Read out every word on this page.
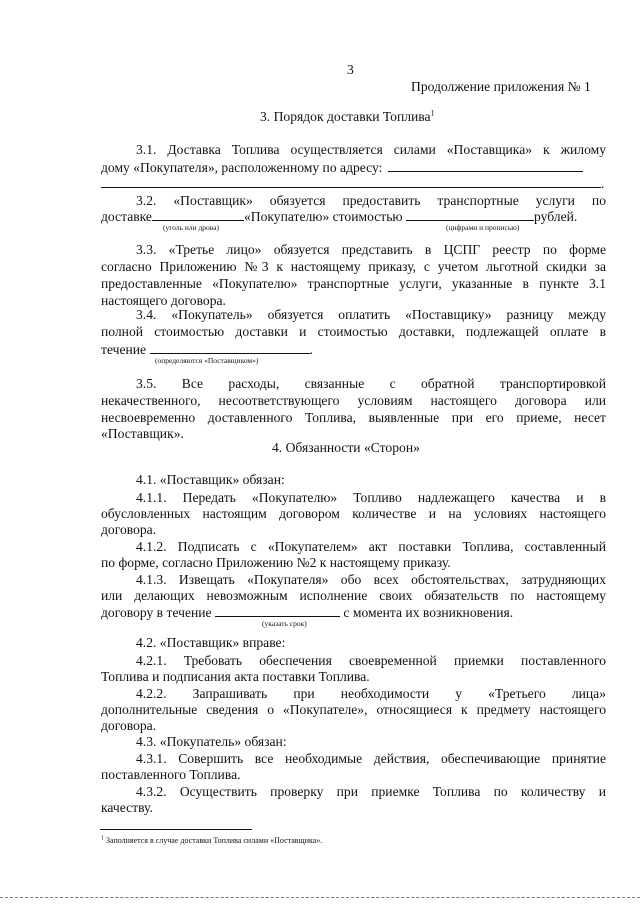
3
Продолжение приложения № 1
3. Порядок доставки Топлива$^1$
3.1. Доставка Топлива осуществляется силами «Поставщика» к жилому
дому «Покупателя», расположенному по адресу:
.
3.2. «Поставщик» обязуется предоставить транспортные услуги по
доставке	«Покупателю» стоимостью	рублей.
(уголь или дрова)	(цифрами и прописью)
3.3. «Третье лицо» обязуется представить в ЦСПГ реестр по форме
согласно Приложению №3 к настоящему приказу, с учетом льготной скидки за
предоставленные «Покупателю» транспортные услуги, указанные в пункте 3.1
настоящего договора.
3.4. «Покупатель» обязуется оплатить «Поставщику» разницу между
полной стоимостью доставки и стоимостью доставки, подлежащей оплате в
течение	.
(определяются «Поставщиком»)
3.5. Все расходы, связанные с обратной транспортировкой
некачественного, несоответствующего условиям настоящего договора или
несвоевременно доставленного Топлива, выявленные при его приеме, несет
«Поставщик».
4. Обязанности «Сторон»
4.1. «Поставщик» обязан:
4.1.1. Передать «Покупателю» Топливо надлежащего качества и в
обусловленных настоящим договором количестве и на условиях настоящего
договора.
4.1.2. Подписать с «Покупателем» акт поставки Топлива, составленный
по форме, согласно Приложению №2 к настоящему приказу.
4.1.3. Извещать «Покупателя» обо всех обстоятельствах, затрудняющих
или делающих невозможным исполнение своих обязательств по настоящему
договору в течение	с момента их возникновения.
(указать срок)
4.2. «Поставщик» вправе:
4.2.1. Требовать обеспечения своевременной приемки поставленного
Топлива и подписания акта поставки Топлива.
4.2.2. Запрашивать при необходимости у «Третьего лица»
дополнительные сведения о «Покупателе», относящиеся к предмету настоящего
договора.
4.3. «Покупатель» обязан:
4.3.1. Совершить все необходимые действия, обеспечивающие принятие
поставленного Топлива.
4.3.2. Осуществить проверку при приемке Топлива по количеству и
качеству.
$^1$ Заполняется в случае доставки Топлива силами «Поставщика».
